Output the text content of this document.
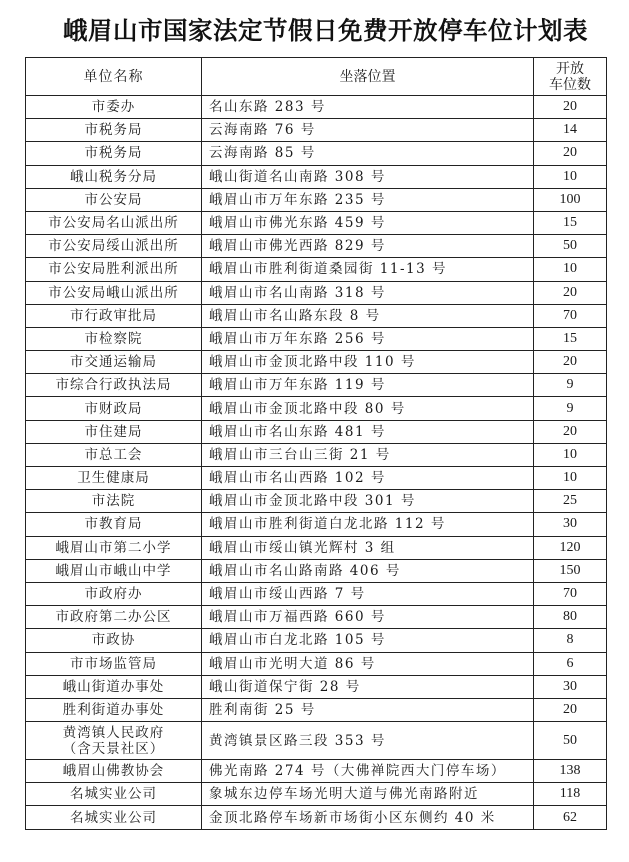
峨眉山市国家法定节假日免费开放停车位计划表
单位名称	坐落位置	开放
车位数

市委办	名山东路 283 号	20
市税务局	云海南路 76 号	14
市税务局	云海南路 85 号	20
峨山税务分局	峨山街道名山南路 308 号	10
市公安局	峨眉山市万年东路 235 号	100
市公安局名山派出所	峨眉山市佛光东路 459 号	15
市公安局绥山派出所	峨眉山市佛光西路 829 号	50
市公安局胜利派出所	峨眉山市胜利街道桑园街 11-13 号	10
市公安局峨山派出所	峨眉山市名山南路 318 号	20
市行政审批局	峨眉山市名山路东段 8 号	70
市检察院	峨眉山市万年东路 256 号	15
市交通运输局	峨眉山市金顶北路中段 110 号	20
市综合行政执法局	峨眉山市万年东路 119 号	9
市财政局	峨眉山市金顶北路中段 80 号	9
市住建局	峨眉山市名山东路 481 号	20
市总工会	峨眉山市三台山三街 21 号	10
卫生健康局	峨眉山市名山西路 102 号	10
市法院	峨眉山市金顶北路中段 301 号	25
市教育局	峨眉山市胜利街道白龙北路 112 号	30
峨眉山市第二小学	峨眉山市绥山镇光辉村 3 组	120
峨眉山市峨山中学	峨眉山市名山路南路 406 号	150
市政府办	峨眉山市绥山西路 7 号	70
市政府第二办公区	峨眉山市万福西路 660 号	80
市政协	峨眉山市白龙北路 105 号	8
市市场监管局	峨眉山市光明大道 86 号	6
峨山街道办事处	峨山街道保宁街 28 号	30
胜利街道办事处	胜利南街 25 号	20

黄湾镇人民政府
（含天景社区）	黄湾镇景区路三段 353 号	50
峨眉山佛教协会	佛光南路 274 号（大佛禅院西大门停车场）	138
名城实业公司	象城东边停车场光明大道与佛光南路附近	118
名城实业公司	金顶北路停车场新市场街小区东侧约 40 米	62
